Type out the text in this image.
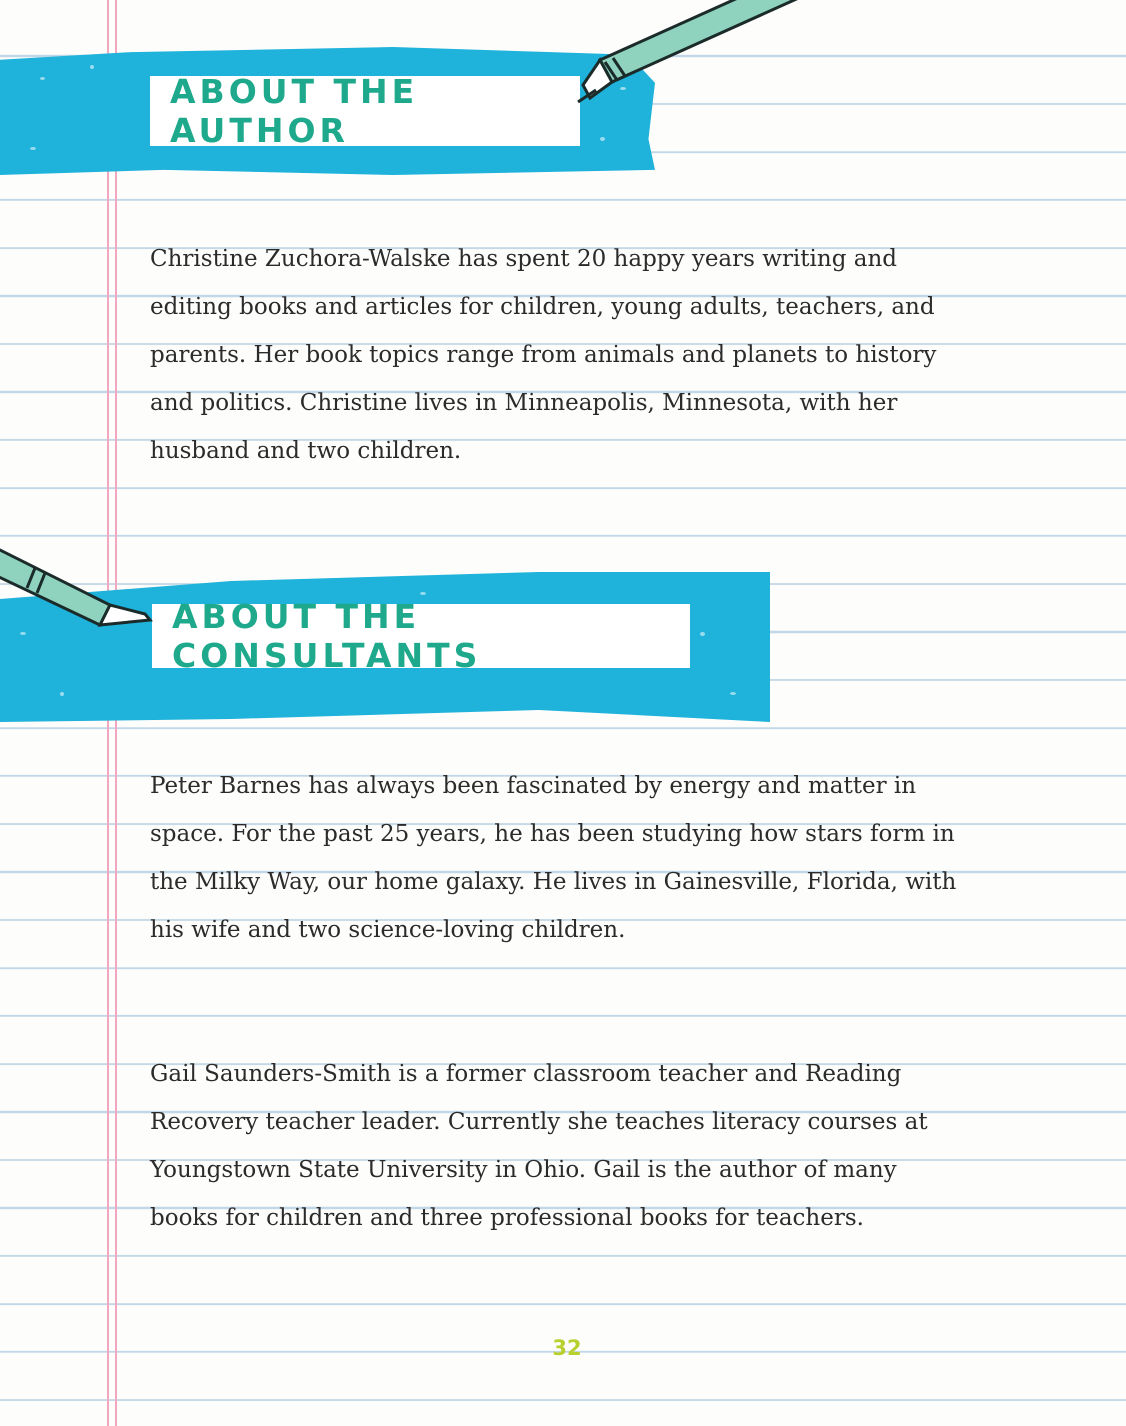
ABOUT THE AUTHOR

Christine Zuchora-Walske has spent 20 happy years writing and editing books and articles for children, young adults, teachers, and parents. Her book topics range from animals and planets to history and politics. Christine lives in Minneapolis, Minnesota, with her husband and two children.

ABOUT THE CONSULTANTS

Peter Barnes has always been fascinated by energy and matter in space. For the past 25 years, he has been studying how stars form in the Milky Way, our home galaxy. He lives in Gainesville, Florida, with his wife and two science-loving children.

Gail Saunders-Smith is a former classroom teacher and Reading Recovery teacher leader. Currently she teaches literacy courses at Youngstown State University in Ohio. Gail is the author of many books for children and three professional books for teachers.

32
